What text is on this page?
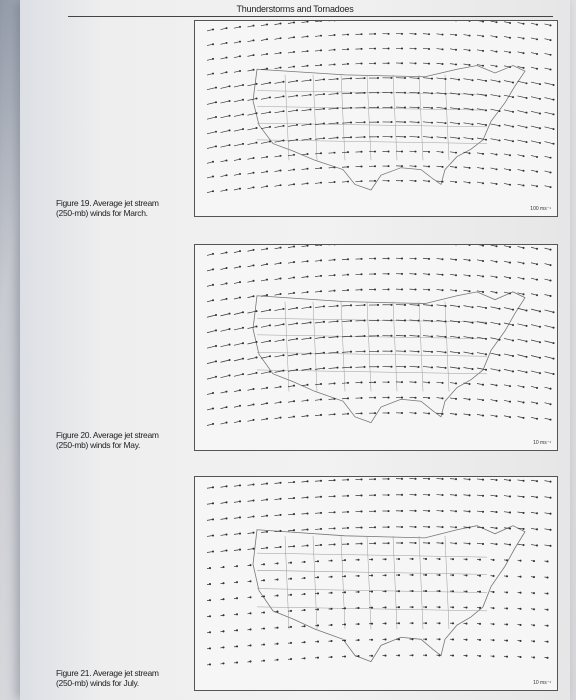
Thunderstorms and Tornadoes
100 ms⁻¹
Figure 19. Average jet stream
(250-mb) winds for March.
10 ms⁻¹
Figure 20. Average jet stream
(250-mb) winds for May.
10 ms⁻¹
Figure 21. Average jet stream
(250-mb) winds for July.
